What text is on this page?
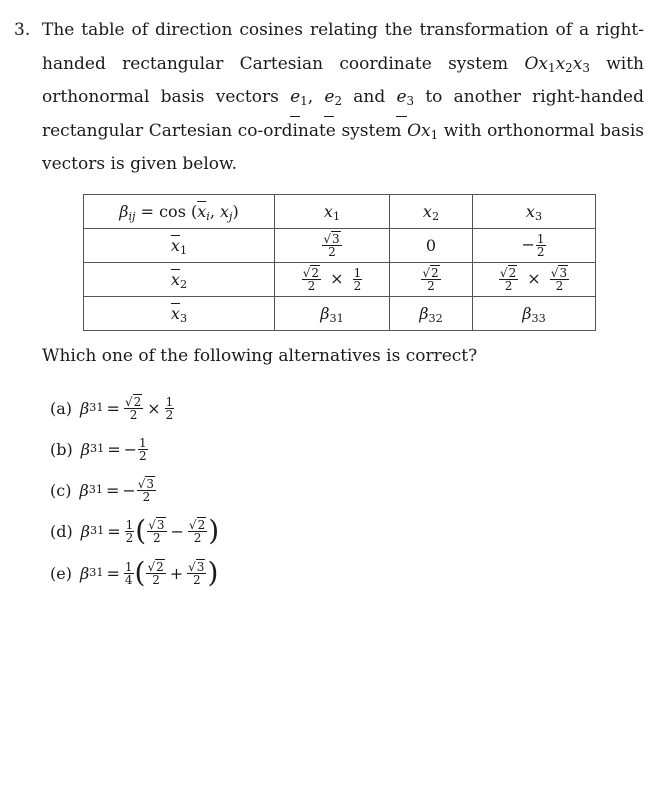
3. The table of direction cosines relating the transformation of a right-handed rectangular Cartesian coordinate system $Ox_1x_2x_3$ with orthonormal basis vectors $e_1$, $e_2$ and $e_3$ to another right-handed rectangular Cartesian co-ordinate system $Ox_1$ with orthonormal basis vectors is given below.
$\beta_{ij} = \cos (\overline{x}_i$, $x_j$)	$x_1$	$x_2$	$x_3$
$\overline{x}_1$	$\frac{√3}{2}$	0	− $\frac{1}{2}$

$\overline{x}_2$	$\frac{√2}{2} \times \frac{1}{2}$	$\frac{√2}{2}$	$\frac{√2}{2} \times \frac{√3}{2}$

$\overline{x}_3$	$\beta_{31}$	$\beta_{32}$	$\beta_{33}$
Which one of the following alternatives is correct?
(a) β $31 = \frac{√2}{2} \times \frac{1}{2}$
(b) β 31 = − $\frac{1}{2}$
(c) β 31 = − $\frac{√3}{2}$
(d) β $31 = \frac{1}{2}$ ( $\frac{√3}{2} - \frac{√2}{2}$ )
(e) β $31 = \frac{1}{4}$ ( $\frac{√2}{2} + \frac{√3}{2}$ )
